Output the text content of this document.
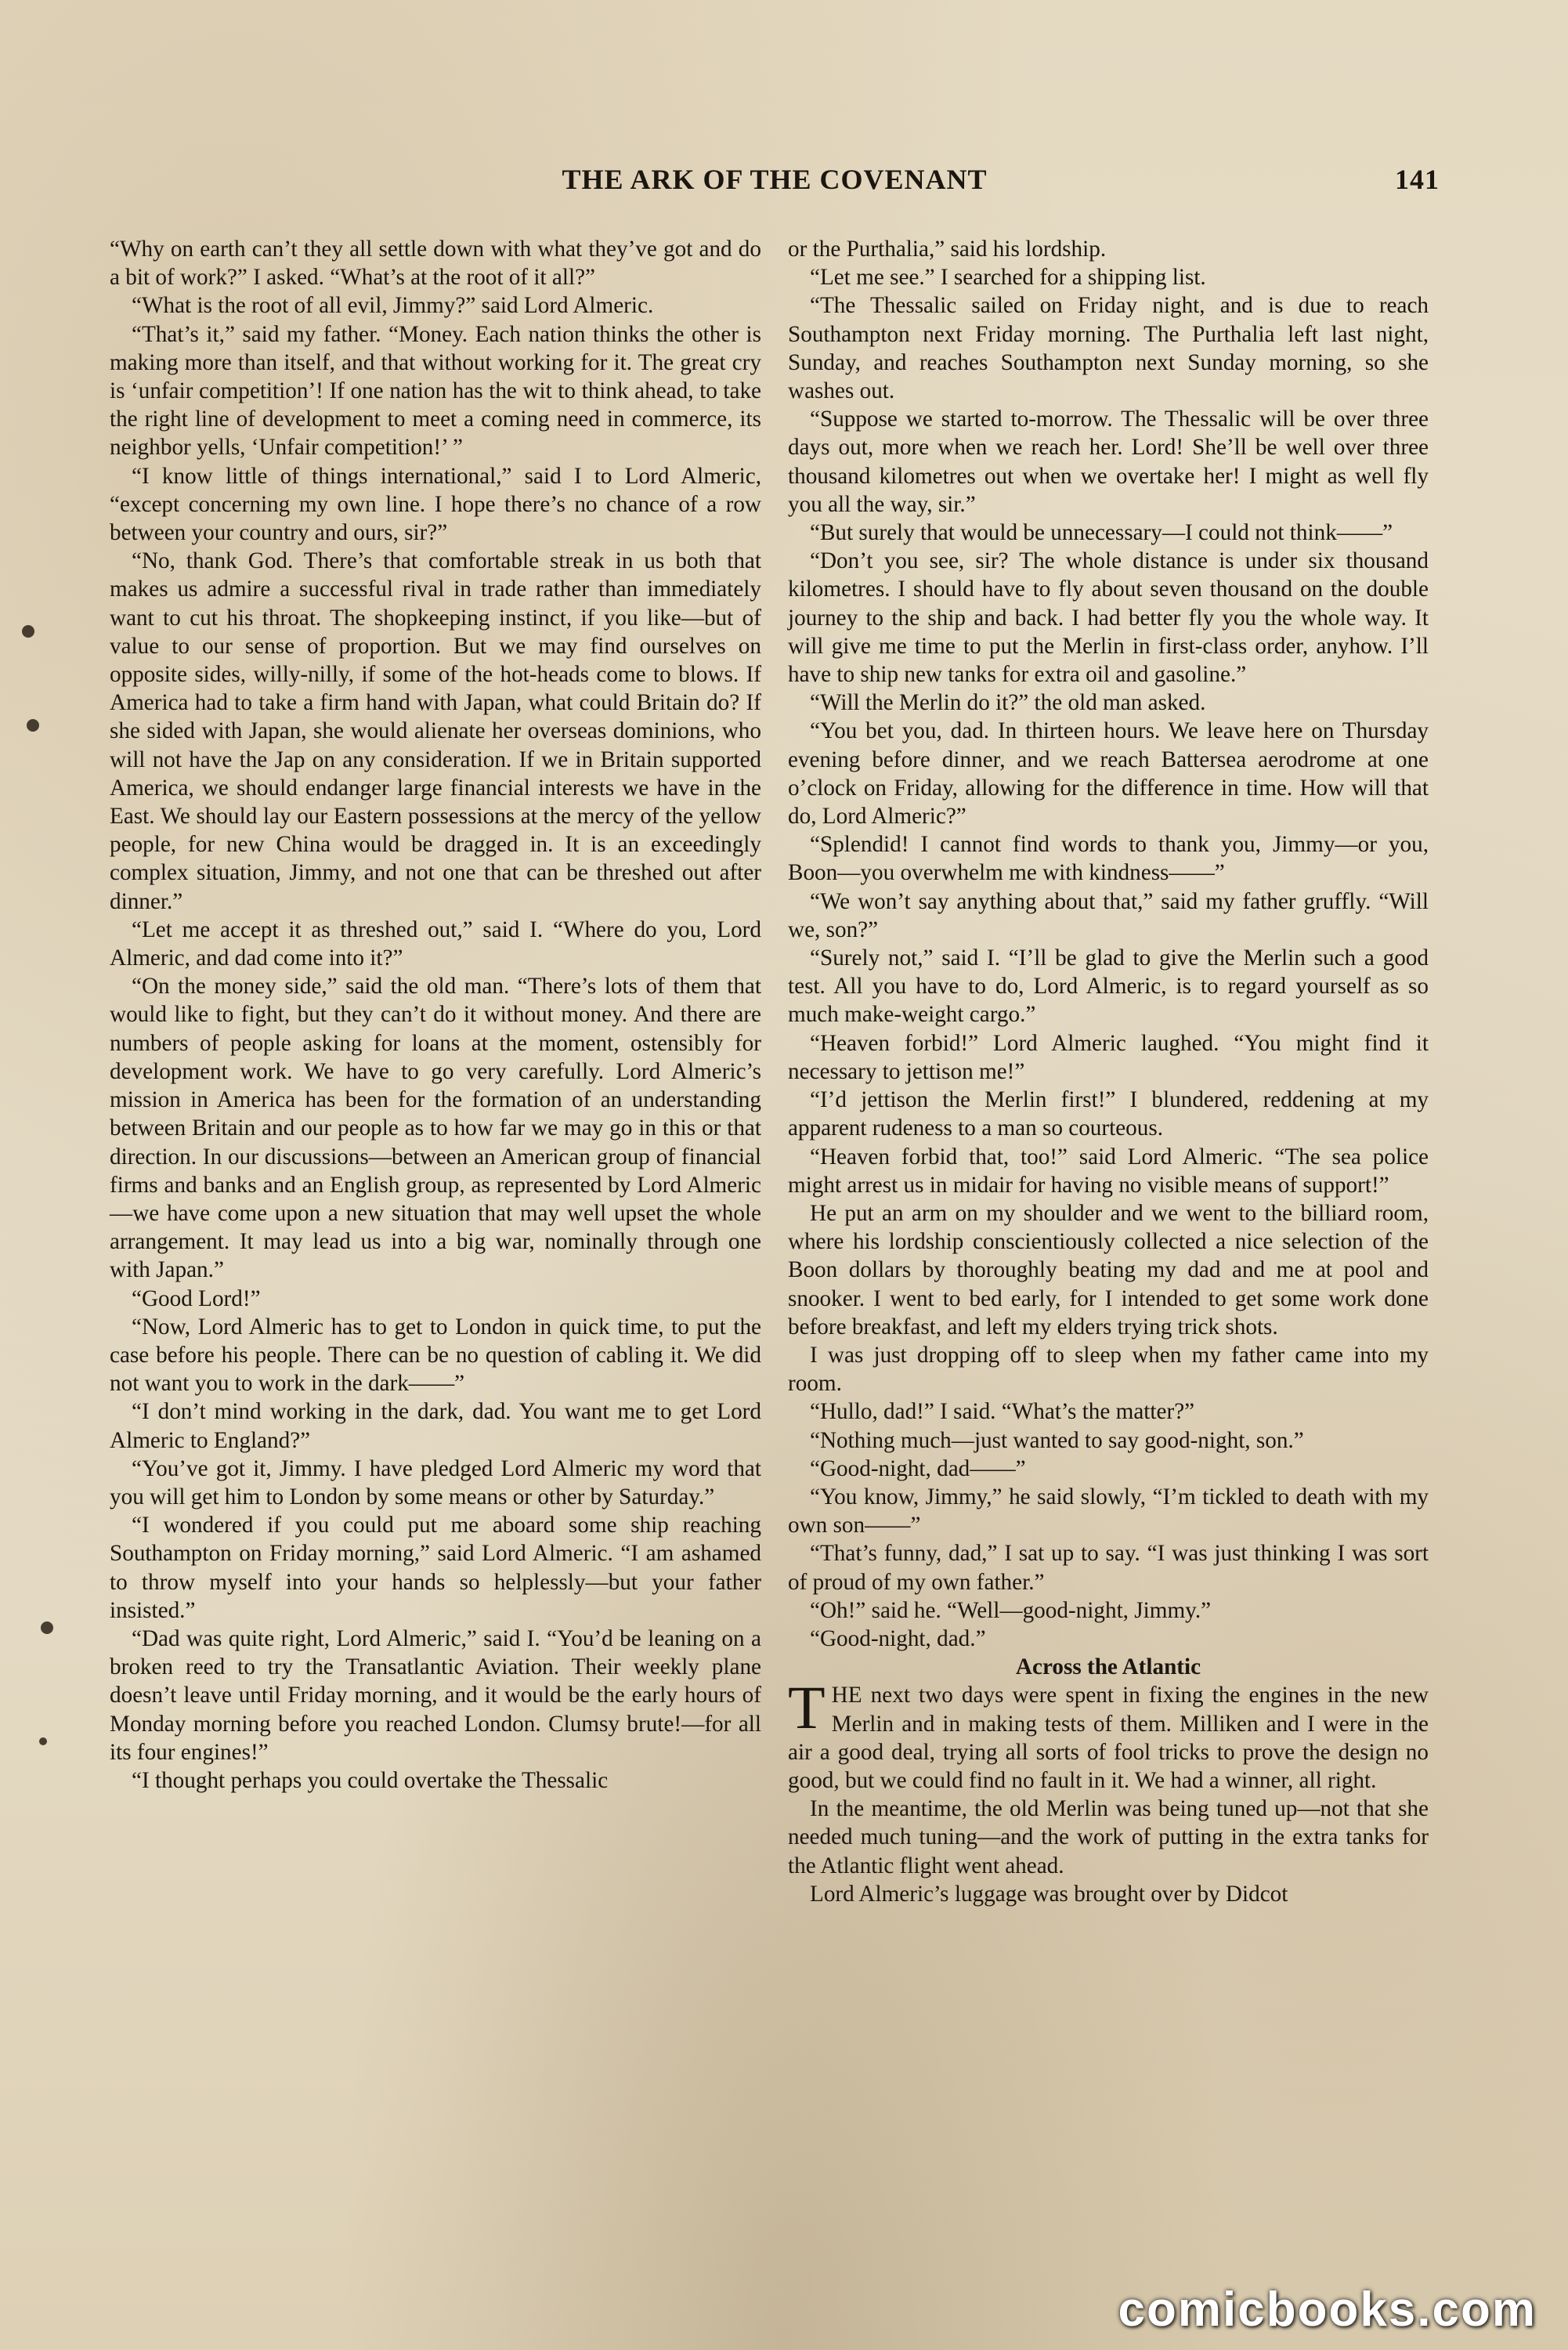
THE ARK OF THE COVENANT	141

“Why on earth can’t they all settle down with what they’ve got and do a bit of work?” I asked. “What’s at the root of it all?”

“What is the root of all evil, Jimmy?” said Lord Almeric.

“That’s it,” said my father. “Money. Each nation thinks the other is making more than itself, and that without working for it. The great cry is ‘unfair competition’! If one nation has the wit to think ahead, to take the right line of development to meet a coming need in commerce, its neighbor yells, ‘Unfair competition!’ ”

“I know little of things international,” said I to Lord Almeric, “except concerning my own line. I hope there’s no chance of a row between your country and ours, sir?”

“No, thank God. There’s that comfortable streak in us both that makes us admire a successful rival in trade rather than immediately want to cut his throat. The shopkeeping instinct, if you like—but of value to our sense of proportion. But we may find ourselves on opposite sides, willy-nilly, if some of the hot-heads come to blows. If America had to take a firm hand with Japan, what could Britain do? If she sided with Japan, she would alienate her overseas dominions, who will not have the Jap on any consideration. If we in Britain supported America, we should endanger large financial interests we have in the East. We should lay our Eastern possessions at the mercy of the yellow people, for new China would be dragged in. It is an exceedingly complex situation, Jimmy, and not one that can be threshed out after dinner.”

“Let me accept it as threshed out,” said I. “Where do you, Lord Almeric, and dad come into it?”

“On the money side,” said the old man. “There’s lots of them that would like to fight, but they can’t do it without money. And there are numbers of people asking for loans at the moment, ostensibly for development work. We have to go very carefully. Lord Almeric’s mission in America has been for the formation of an understanding between Britain and our people as to how far we may go in this or that direction. In our discussions—between an American group of financial firms and banks and an English group, as represented by Lord Almeric—we have come upon a new situation that may well upset the whole arrangement. It may lead us into a big war, nominally through one with Japan.”

“Good Lord!”

“Now, Lord Almeric has to get to London in quick time, to put the case before his people. There can be no question of cabling it. We did not want you to work in the dark——”

“I don’t mind working in the dark, dad. You want me to get Lord Almeric to England?”

“You’ve got it, Jimmy. I have pledged Lord Almeric my word that you will get him to London by some means or other by Saturday.”

“I wondered if you could put me aboard some ship reaching Southampton on Friday morning,” said Lord Almeric. “I am ashamed to throw myself into your hands so helplessly—but your father insisted.”

“Dad was quite right, Lord Almeric,” said I. “You’d be leaning on a broken reed to try the Transatlantic Aviation. Their weekly plane doesn’t leave until Friday morning, and it would be the early hours of Monday morning before you reached London. Clumsy brute!—for all its four engines!”

“I thought perhaps you could overtake the Thessalic

or the Purthalia,” said his lordship.

“Let me see.” I searched for a shipping list.

“The Thessalic sailed on Friday night, and is due to reach Southampton next Friday morning. The Purthalia left last night, Sunday, and reaches Southampton next Sunday morning, so she washes out.

“Suppose we started to-morrow. The Thessalic will be over three days out, more when we reach her. Lord! She’ll be well over three thousand kilometres out when we overtake her! I might as well fly you all the way, sir.”

“But surely that would be unnecessary—I could not think——”

“Don’t you see, sir? The whole distance is under six thousand kilometres. I should have to fly about seven thousand on the double journey to the ship and back. I had better fly you the whole way. It will give me time to put the Merlin in first-class order, anyhow. I’ll have to ship new tanks for extra oil and gasoline.”

“Will the Merlin do it?” the old man asked.

“You bet you, dad. In thirteen hours. We leave here on Thursday evening before dinner, and we reach Battersea aerodrome at one o’clock on Friday, allowing for the difference in time. How will that do, Lord Almeric?”

“Splendid! I cannot find words to thank you, Jimmy—or you, Boon—you overwhelm me with kindness——”

“We won’t say anything about that,” said my father gruffly. “Will we, son?”

“Surely not,” said I. “I’ll be glad to give the Merlin such a good test. All you have to do, Lord Almeric, is to regard yourself as so much make-weight cargo.”

“Heaven forbid!” Lord Almeric laughed. “You might find it necessary to jettison me!”

“I’d jettison the Merlin first!” I blundered, reddening at my apparent rudeness to a man so courteous.

“Heaven forbid that, too!” said Lord Almeric. “The sea police might arrest us in midair for having no visible means of support!”

He put an arm on my shoulder and we went to the billiard room, where his lordship conscientiously collected a nice selection of the Boon dollars by thoroughly beating my dad and me at pool and snooker. I went to bed early, for I intended to get some work done before breakfast, and left my elders trying trick shots.

I was just dropping off to sleep when my father came into my room.

“Hullo, dad!” I said. “What’s the matter?”

“Nothing much—just wanted to say good-night, son.”

“Good-night, dad——”

“You know, Jimmy,” he said slowly, “I’m tickled to death with my own son——”

“That’s funny, dad,” I sat up to say. “I was just thinking I was sort of proud of my own father.”

“Oh!” said he. “Well—good-night, Jimmy.”

“Good-night, dad.”

Across the Atlantic

THE next two days were spent in fixing the engines in the new Merlin and in making tests of them. Milliken and I were in the air a good deal, trying all sorts of fool tricks to prove the design no good, but we could find no fault in it. We had a winner, all right.

In the meantime, the old Merlin was being tuned up—not that she needed much tuning—and the work of putting in the extra tanks for the Atlantic flight went ahead.

Lord Almeric’s luggage was brought over by Didcot

comicbooks.com
